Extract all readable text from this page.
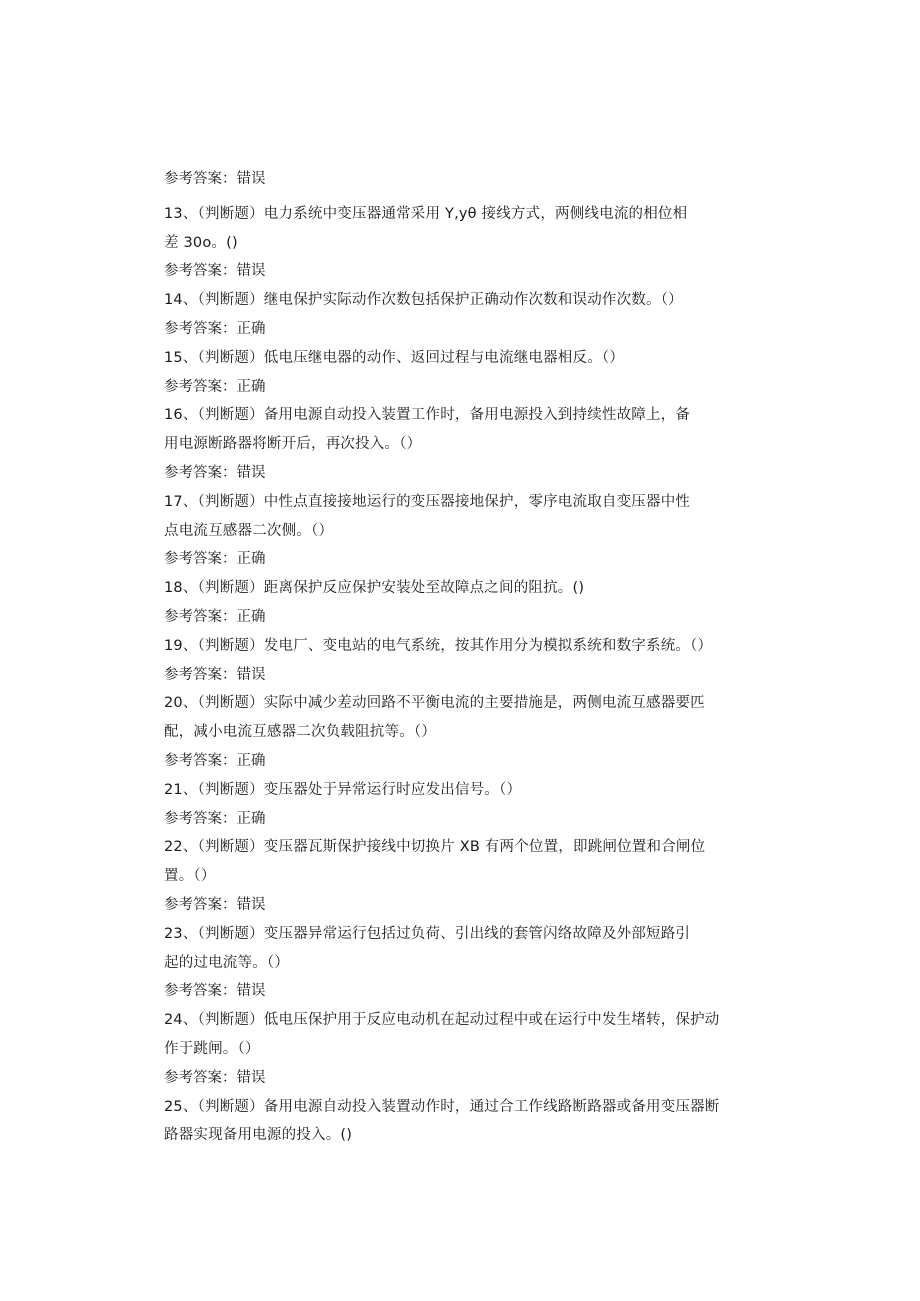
参考答案：错误
13、（判断题）电力系统中变压器通常采用 Y,yθ 接线方式，两侧线电流的相位相
差 30o。()
参考答案：错误
14、（判断题）继电保护实际动作次数包括保护正确动作次数和误动作次数。（）
参考答案：正确
15、（判断题）低电压继电器的动作、返回过程与电流继电器相反。（）
参考答案：正确
16、（判断题）备用电源自动投入装置工作时，备用电源投入到持续性故障上，备
用电源断路器将断开后，再次投入。（）
参考答案：错误
17、（判断题）中性点直接接地运行的变压器接地保护，零序电流取自变压器中性
点电流互感器二次侧。（）
参考答案：正确
18、（判断题）距离保护反应保护安装处至故障点之间的阻抗。()
参考答案：正确
19、（判断题）发电厂、变电站的电气系统，按其作用分为模拟系统和数字系统。（）
参考答案：错误
20、（判断题）实际中减少差动回路不平衡电流的主要措施是，两侧电流互感器要匹
配，减小电流互感器二次负载阻抗等。（）
参考答案：正确
21、（判断题）变压器处于异常运行时应发出信号。（）
参考答案：正确
22、（判断题）变压器瓦斯保护接线中切换片 XB 有两个位置，即跳闸位置和合闸位
置。（）
参考答案：错误
23、（判断题）变压器异常运行包括过负荷、引出线的套管闪络故障及外部短路引
起的过电流等。（）
参考答案：错误
24、（判断题）低电压保护用于反应电动机在起动过程中或在运行中发生堵转，保护动
作于跳闸。（）
参考答案：错误
25、（判断题）备用电源自动投入装置动作时，通过合工作线路断路器或备用变压器断
路器实现备用电源的投入。()
